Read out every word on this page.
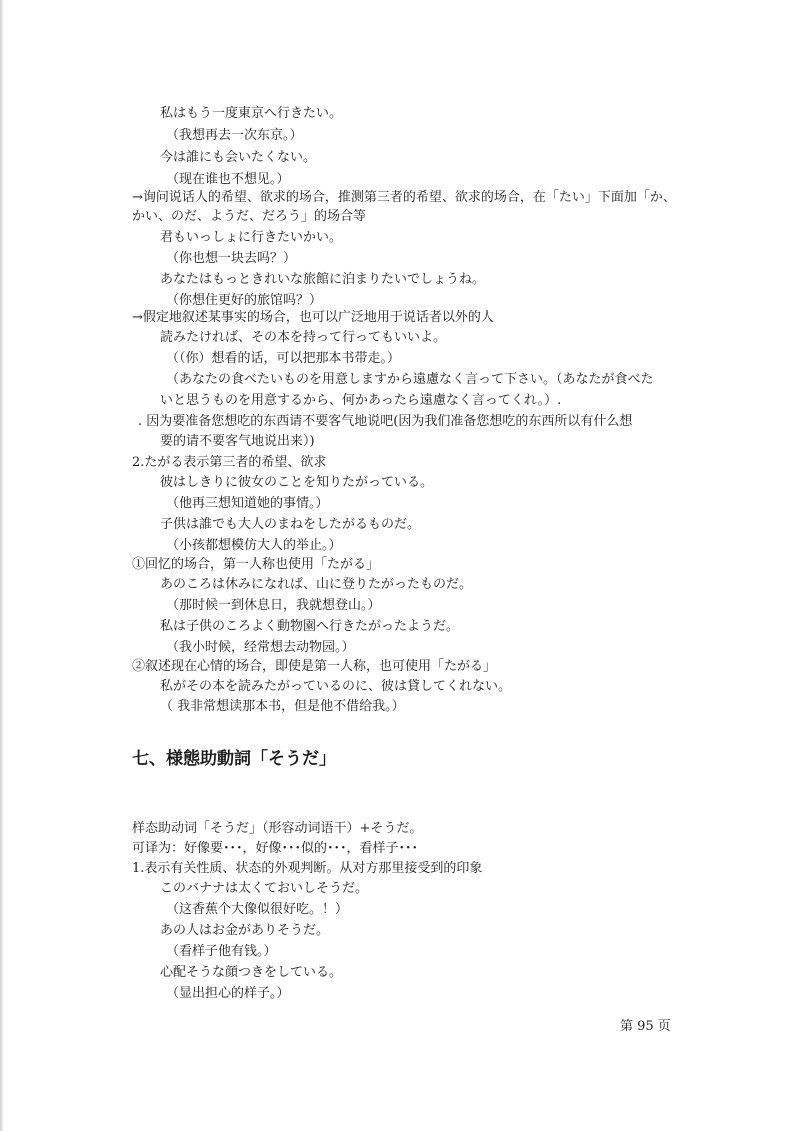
私はもう一度東京へ行きたい。
（我想再去一次东京。）
今は誰にも会いたくない。
（现在谁也不想见。）
→询问说话人的希望、欲求的场合，推测第三者的希望、欲求的场合，在「たい」下面加「か、
かい、のだ、ようだ、だろう」的场合等
君もいっしょに行きたいかい。
（你也想一块去吗？）
あなたはもっときれいな旅館に泊まりたいでしょうね。
（你想住更好的旅馆吗？）
→假定地叙述某事实的场合，也可以广泛地用于说话者以外的人
読みたければ、その本を持って行ってもいいよ。
（（你）想看的话，可以把那本书带走。）
（あなたの食べたいものを用意しますから遠慮なく言って下さい。（あなたが食べた
いと思うものを用意するから、何かあったら遠慮なく言ってくれ。）.
. 因为要准备您想吃的东西请不要客气地说吧(因为我们准备您想吃的东西所以有什么想
要的请不要客气地说出来）)
2.たがる表示第三者的希望、欲求
彼はしきりに彼女のことを知りたがっている。
（他再三想知道她的事情。）
子供は誰でも大人のまねをしたがるものだ。
（小孩都想模仿大人的举止。）
①回忆的场合，第一人称也使用「たがる」
あのころは休みになれば、山に登りたがったものだ。
（那时候一到休息日，我就想登山。）
私は子供のころよく動物園へ行きたがったようだ。
（我小时候，经常想去动物园。）
②叙述现在心情的场合，即使是第一人称，也可使用「たがる」
私がその本を読みたがっているのに、彼は貸してくれない。
（ 我非常想读那本书，但是他不借给我。）
七、様態助動詞「そうだ」
样态助动词「そうだ」（形容动词语干）+そうだ。
可译为：好像要･･･，好像･･･似的･･･，看样子･･･
1.表示有关性质、状态的外观判断。从对方那里接受到的印象
このバナナは太くておいしそうだ。
（这香蕉个大像似很好吃。！）
あの人はお金がありそうだ。
（看样子他有钱。）
心配そうな顔つきをしている。
（显出担心的样子。）
第 95 页
